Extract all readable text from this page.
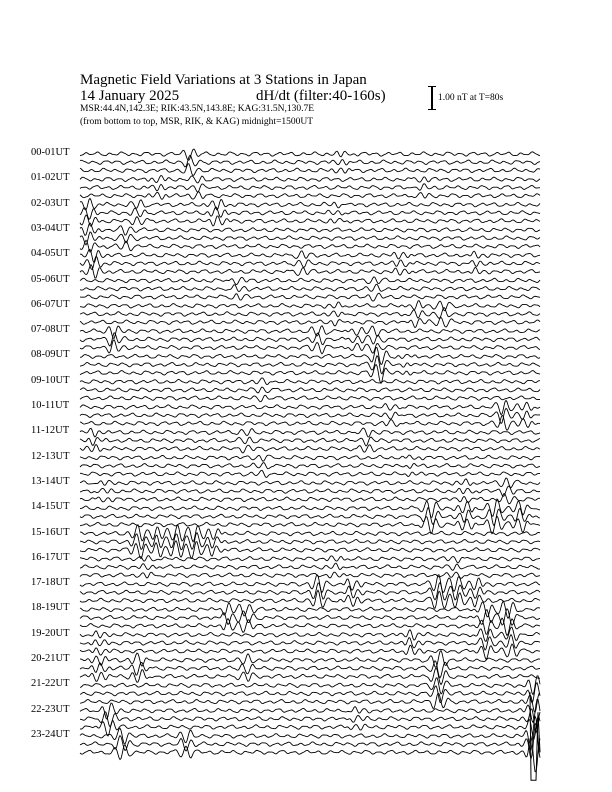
Magnetic Field Variations at 3 Stations in Japan
14 January 2025	dH/dt (filter:40-160s)
MSR:44.4N,142.3E; RIK:43.5N,143.8E; KAG:31.5N,130.7E
(from bottom to top, MSR, RIK, & KAG) midnight=1500UT
1.00 nT at T=80s
00-01UT
01-02UT
02-03UT
03-04UT
04-05UT
05-06UT
06-07UT
07-08UT
08-09UT
09-10UT
10-11UT
11-12UT
12-13UT
13-14UT
14-15UT
15-16UT
16-17UT
17-18UT
18-19UT
19-20UT
20-21UT
21-22UT
22-23UT
23-24UT
